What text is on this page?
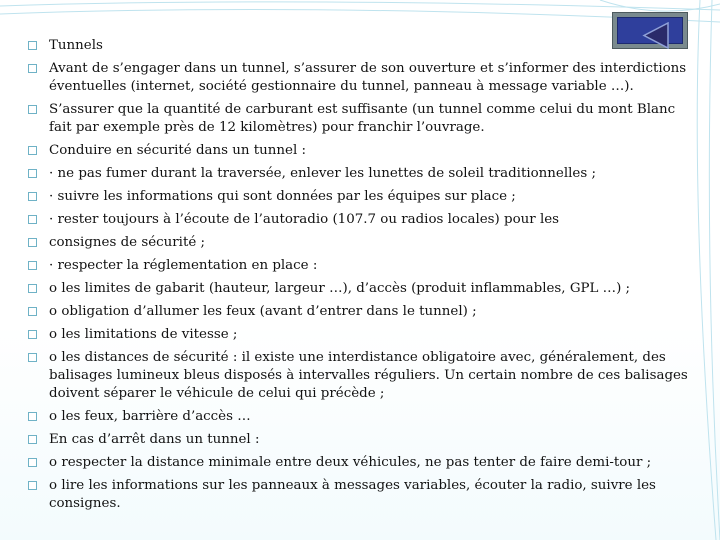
Tunnels
Avant de s’engager dans un tunnel, s’assurer de son ouverture et s’informer des interdictions éventuelles (internet, société gestionnaire du tunnel, panneau à message variable …).
S’assurer que la quantité de carburant est suffisante (un tunnel comme celui du mont Blanc fait par exemple près de 12 kilomètres) pour franchir l’ouvrage.
Conduire en sécurité dans un tunnel :
· ne pas fumer durant la traversée, enlever les lunettes de soleil traditionnelles ;
· suivre les informations qui sont données par les équipes sur place ;
· rester toujours à l’écoute de l’autoradio (107.7 ou radios locales) pour les
consignes de sécurité ;
· respecter la réglementation en place :
o les limites de gabarit (hauteur, largeur …), d’accès (produit inflammables, GPL …) ;
o obligation d’allumer les feux (avant d’entrer dans le tunnel) ;
o les limitations de vitesse ;
o les distances de sécurité : il existe une interdistance obligatoire avec, généralement, des balisages lumineux bleus disposés à intervalles réguliers. Un certain nombre de ces balisages doivent séparer le véhicule de celui qui précède ;
o les feux, barrière d’accès …
En cas d’arrêt dans un tunnel :
o respecter la distance minimale entre deux véhicules, ne pas tenter de faire demi-tour ;
o lire les informations sur les panneaux à messages variables, écouter la radio, suivre les consignes.
